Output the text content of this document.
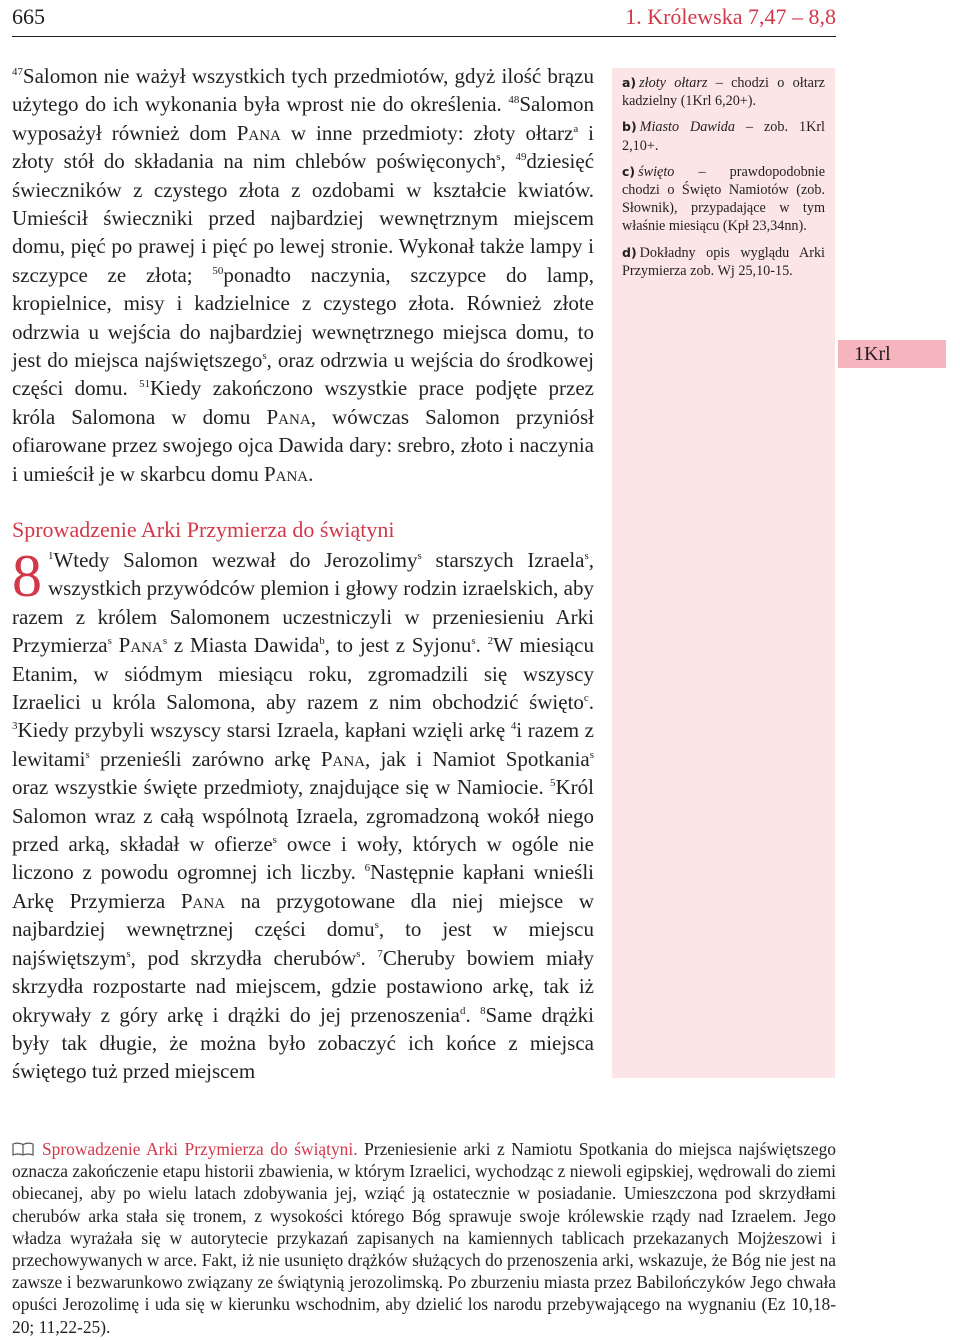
665	1. Królewska 7,47 – 8,8

$^{47}$Salomon nie ważył wszystkich tych przedmiotów, gdyż ilość brązu użytego do ich wykonania była wprost nie do określenia. $^{48}$Salomon wyposażył również dom Pana w inne przedmioty: złoty ołtarz$^a$ i złoty stół do składania na nim chlebów poświęconych$^s$, $^{49}$dziesięć świeczników z czystego złota z ozdobami w kształcie kwiatów. Umieścił świeczniki przed najbardziej wewnętrznym miejscem domu, pięć po prawej i pięć po lewej stronie. Wykonał także lampy i szczypce ze złota; $^{50}$ponadto naczynia, szczypce do lamp, kropielnice, misy i kadzielnice z czystego złota. Również złote odrzwia u wejścia do najbardziej wewnętrznego miejsca domu, to jest do miejsca najświętszego$^s$, oraz odrzwia u wejścia do środkowej części domu. $^{51}$Kiedy zakończono wszystkie prace podjęte przez króla Salomona w domu Pana, wówczas Salomon przyniósł ofiarowane przez swojego ojca Dawida dary: srebro, złoto i naczynia i umieścił je w skarbcu domu Pana.

Sprowadzenie Arki Przymierza do świątyni

8 $^1$Wtedy Salomon wezwał do Jerozolimy$^s$ starszych Izraela$^s$, wszystkich przywódców plemion i głowy rodzin izraelskich, aby razem z królem Salomonem uczestniczyli w przeniesieniu Arki Przymierza$^s$ Pana$^s$ z Miasta Dawida$^b$, to jest z Syjonu$^s$. $^2$W miesiącu Etanim, w siódmym miesiącu roku, zgromadzili się wszyscy Izraelici u króla Salomona, aby razem z nim obchodzić święto$^c$. $^3$Kiedy przybyli wszyscy starsi Izraela, kapłani wzięli arkę $^4$i razem z lewitami$^s$ przenieśli zarówno arkę Pana, jak i Namiot Spotkania$^s$ oraz wszystkie święte przedmioty, znajdujące się w Namiocie. $^5$Król Salomon wraz z całą wspólnotą Izraela, zgromadzoną wokół niego przed arką, składał w ofierze$^s$ owce i woły, których w ogóle nie liczono z powodu ogromnej ich liczby. $^6$Następnie kapłani wnieśli Arkę Przymierza Pana na przygotowane dla niej miejsce w najbardziej wewnętrznej części domu$^s$, to jest w miejscu najświętszym$^s$, pod skrzydła cherubów$^s$. $^7$Cheruby bowiem miały skrzydła rozpostarte nad miejscem, gdzie postawiono arkę, tak iż okrywały z góry arkę i drążki do jej przenoszenia$^d$. $^8$Same drążki były tak długie, że można było zobaczyć ich końce z miejsca świętego tuż przed miejscem

a) złoty ołtarz – chodzi o ołtarz kadzielny (1Krl 6,20+).
b) Miasto Dawida – zob. 1Krl 2,10+.
c) święto – prawdopodobnie chodzi o Święto Namiotów (zob. Słownik), przypadające w tym właśnie miesiącu (Kpł 23,34nn).
d) Dokładny opis wyglądu Arki Przymierza zob. Wj 25,10-15.
1Krl

Sprowadzenie Arki Przymierza do świątyni. Przeniesienie arki z Namiotu Spotkania do miejsca najświętszego oznacza zakończenie etapu historii zbawienia, w którym Izraelici, wychodząc z niewoli egipskiej, wędrowali do ziemi obiecanej, aby po wielu latach zdobywania jej, wziąć ją ostatecznie w posiadanie. Umieszczona pod skrzydłami cherubów arka stała się tronem, z wysokości którego Bóg sprawuje swoje królewskie rządy nad Izraelem. Jego władza wyrażała się w autorytecie przykazań zapisanych na kamiennych tablicach przekazanych Mojżeszowi i przechowywanych w arce. Fakt, iż nie usunięto drążków służących do przenoszenia arki, wskazuje, że Bóg nie jest na zawsze i bezwarunkowo związany ze świątynią jerozolimską. Po zburzeniu miasta przez Babilończyków Jego chwała opuści Jerozolimę i uda się w kierunku wschodnim, aby dzielić los narodu przebywającego na wygnaniu (Ez 10,18-20; 11,22-25).
